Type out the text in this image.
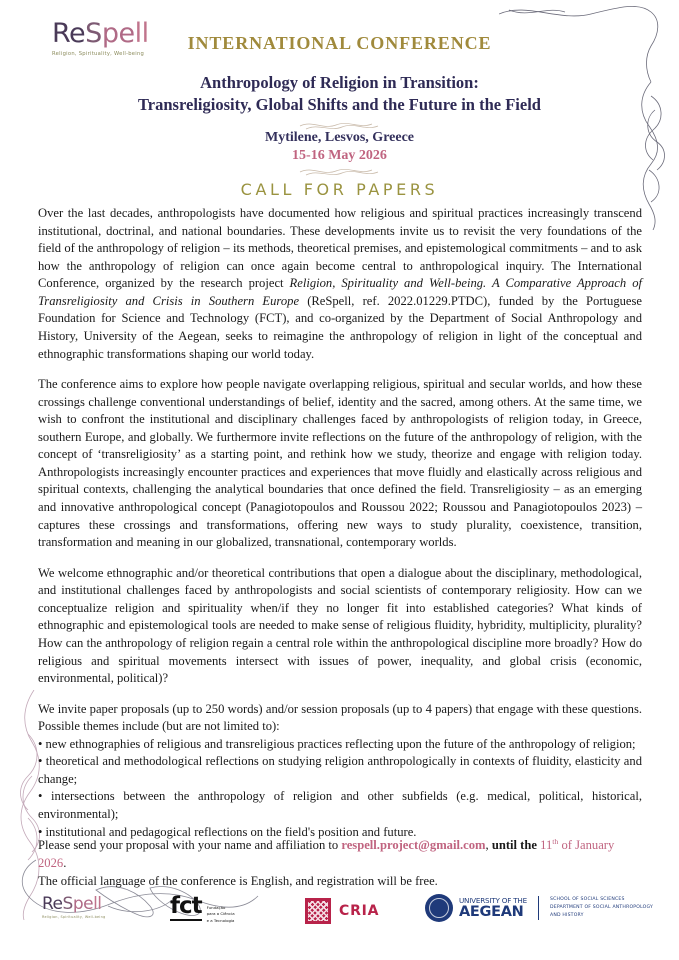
ReSpell
Religion, Spirituality, Well-being
INTERNATIONAL CONFERENCE
Anthropology of Religion in Transition:
Transreligiosity, Global Shifts and the Future in the Field
Mytilene, Lesvos, Greece
15-16 May 2026
CALL FOR PAPERS

Over the last decades, anthropologists have documented how religious and spiritual practices increasingly transcend institutional, doctrinal, and national boundaries. These developments invite us to revisit the very foundations of the field of the anthropology of religion – its methods, theoretical premises, and epistemological commitments – and to ask how the anthropology of religion can once again become central to anthropological inquiry. The International Conference, organized by the research project Religion, Spirituality and Well-being. A Comparative Approach of Transreligiosity and Crisis in Southern Europe (ReSpell, ref. 2022.01229.PTDC), funded by the Portuguese Foundation for Science and Technology (FCT), and co-organized by the Department of Social Anthropology and History, University of the Aegean, seeks to reimagine the anthropology of religion in light of the conceptual and ethnographic transformations shaping our world today.

The conference aims to explore how people navigate overlapping religious, spiritual and secular worlds, and how these crossings challenge conventional understandings of belief, identity and the sacred, among others. At the same time, we wish to confront the institutional and disciplinary challenges faced by anthropologists of religion today, in Greece, southern Europe, and globally. We furthermore invite reflections on the future of the anthropology of religion, with the concept of ‘transreligiosity’ as a starting point, and rethink how we study, theorize and engage with religion today. Anthropologists increasingly encounter practices and experiences that move fluidly and elastically across religious and spiritual contexts, challenging the analytical boundaries that once defined the field. Transreligiosity – as an emerging and innovative anthropological concept (Panagiotopoulos and Roussou 2022; Roussou and Panagiotopoulos 2023) – captures these crossings and transformations, offering new ways to study plurality, coexistence, transition, transformation and meaning in our globalized, transnational, contemporary worlds.

We welcome ethnographic and/or theoretical contributions that open a dialogue about the disciplinary, methodological, and institutional challenges faced by anthropologists and social scientists of contemporary religiosity. How can we conceptualize religion and spirituality when/if they no longer fit into established categories? What kinds of ethnographic and epistemological tools are needed to make sense of religious fluidity, hybridity, multiplicity, plurality? How can the anthropology of religion regain a central role within the anthropological discipline more broadly? How do religious and spiritual movements intersect with issues of power, inequality, and global crisis (economic, environmental, political)?

We invite paper proposals (up to 250 words) and/or session proposals (up to 4 papers) that engage with these questions. Possible themes include (but are not limited to):

• new ethnographies of religious and transreligious practices reflecting upon the future of the anthropology of religion;

• theoretical and methodological reflections on studying religion anthropologically in contexts of fluidity, elasticity and change;

• intersections between the anthropology of religion and other subfields (e.g. medical, political, historical, environmental);

• institutional and pedagogical reflections on the field's position and future.

Please send your proposal with your name and affiliation to respell.project@gmail.com, until the 11th of January 2026.

The official language of the conference is English, and registration will be free.

ReSpell
Religion, Spirituality, Well-being	fct Fundação
para a Ciência
e a Tecnologia
CRIA
UNIVERSITY OF THE
AEGEAN
SCHOOL OF SOCIAL SCIENCES
DEPARTMENT OF SOCIAL ANTHROPOLOGY
AND HISTORY
